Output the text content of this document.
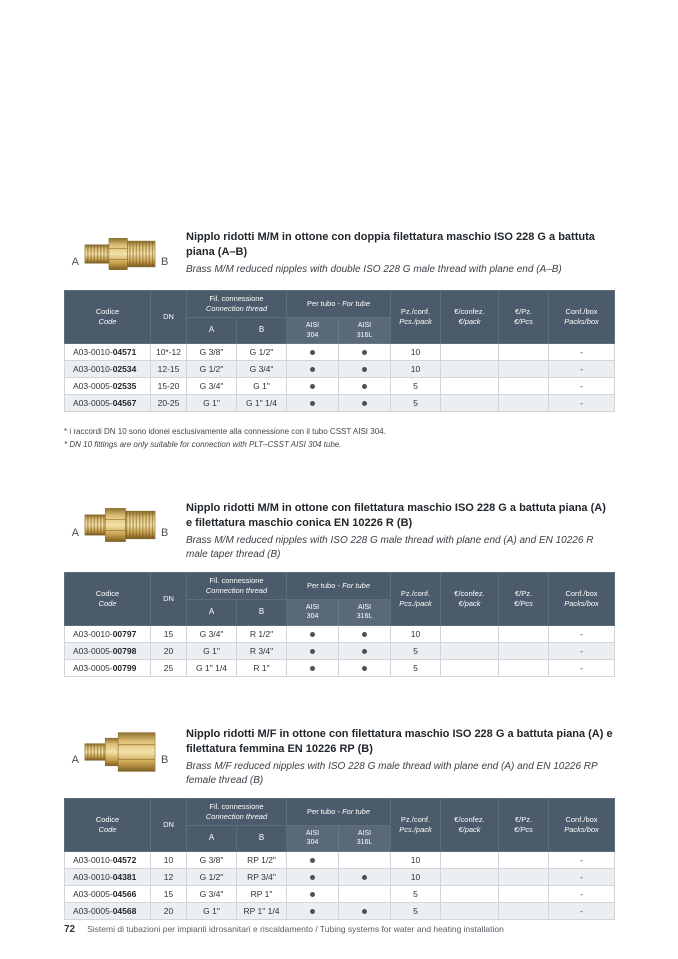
A	B
Nipplo ridotti M/M in ottone con doppia filettatura maschio ISO 228 G a battuta piana (A–B)
Brass M/M reduced nipples with double ISO 228 G male thread with plane end (A–B)
Codice
Code	DN	Fil. connessione
Connection thread		Per tubo - For tube		Pz./conf.
Pcs./pack	€/confez.
€/pack	€/Pz.
€/Pcs	Conf./box
Packs/box
		A	B	AISI
304	AISI
316L				
A03-0010-04571	10*-12	G 3/8"	G 1/2"			10			-
A03-0010-02534	12-15	G 1/2"	G 3/4"			10			-
A03-0005-02535	15-20	G 3/4"	G 1"			5			-
A03-0005-04567	20-25	G 1"	G 1" 1/4			5			-
* i raccordi DN 10 sono idonei esclusivamente alla connessione con il tubo CSST AISI 304.
* DN 10 fittings are only suitable for connection with PLT–CSST AISI 304 tube.
A	B
Nipplo ridotti M/M in ottone con filettatura maschio ISO 228 G a battuta piana (A) e filettatura maschio conica EN 10226 R (B)
Brass M/M reduced nipples with ISO 228 G male thread with plane end (A) and EN 10226 R male taper thread (B)
Codice
Code	DN	Fil. connessione
Connection thread		Per tubo - For tube		Pz./conf.
Pcs./pack	€/confez.
€/pack	€/Pz.
€/Pcs	Conf./box
Packs/box
		A	B	AISI
304	AISI
316L				
A03-0010-00797	15	G 3/4"	R 1/2"			10			-
A03-0005-00798	20	G 1"	R 3/4"			5			-
A03-0005-00799	25	G 1" 1/4	R 1"			5			-
A	B
Nipplo ridotti M/F in ottone con filettatura maschio ISO 228 G a battuta piana (A) e filettatura femmina EN 10226 RP (B)
Brass M/F reduced nipples with ISO 228 G male thread with plane end (A) and EN 10226 RP female thread (B)
Codice
Code	DN	Fil. connessione
Connection thread		Per tubo - For tube		Pz./conf.
Pcs./pack	€/confez.
€/pack	€/Pz.
€/Pcs	Conf./box
Packs/box
		A	B	AISI
304	AISI
316L				
A03-0010-04572	10	G 3/8"	RP 1/2"			10			-
A03-0010-04381	12	G 1/2"	RP 3/4"			10			-
A03-0005-04566	15	G 3/4"	RP 1"			5			-
A03-0005-04568	20	G 1"	RP 1" 1/4			5			-
72 Sistemi di tubazioni per impianti idrosanitari e riscaldamento / Tubing systems for water and heating installation
